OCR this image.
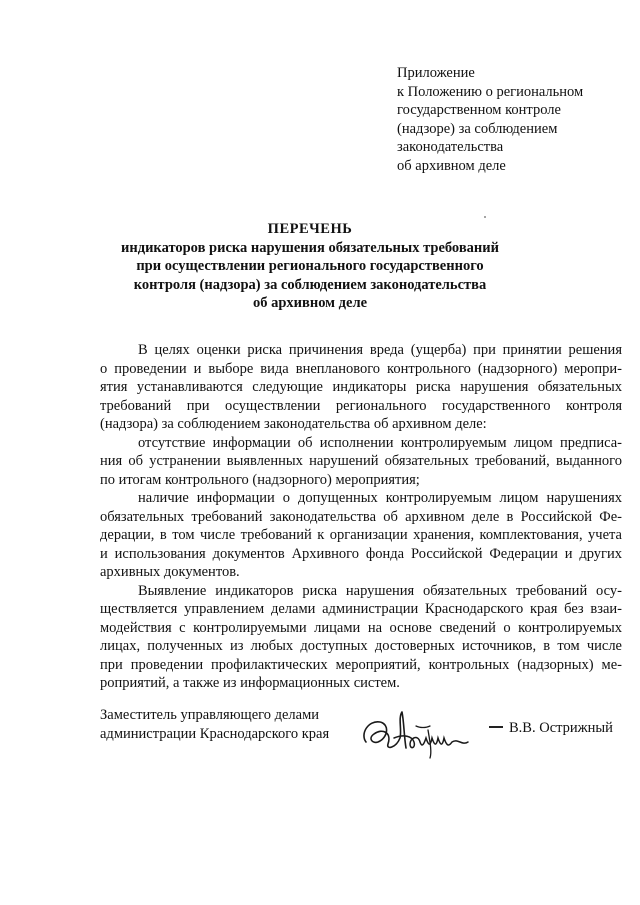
Приложение
к Положению о региональном
государственном контроле
(надзоре) за соблюдением
законодательства
об архивном деле
ПЕРЕЧЕНЬ
индикаторов риска нарушения обязательных требований
при осуществлении регионального государственного
контроля (надзора) за соблюдением законодательства
об архивном деле
В целях оценки риска причинения вреда (ущерба) при принятии решения
о проведении и выборе вида внепланового контрольного (надзорного) меропри-
ятия устанавливаются следующие индикаторы риска нарушения обязательных
требований при осуществлении регионального государственного контроля
(надзора) за соблюдением законодательства об архивном деле:
отсутствие информации об исполнении контролируемым лицом предписа-
ния об устранении выявленных нарушений обязательных требований, выданного
по итогам контрольного (надзорного) мероприятия;
наличие информации о допущенных контролируемым лицом нарушениях
обязательных требований законодательства об архивном деле в Российской Фе-
дерации, в том числе требований к организации хранения, комплектования, учета
и использования документов Архивного фонда Российской Федерации и других
архивных документов.
Выявление индикаторов риска нарушения обязательных требований осу-
ществляется управлением делами администрации Краснодарского края без взаи-
модействия с контролируемыми лицами на основе сведений о контролируемых
лицах, полученных из любых доступных достоверных источников, в том числе
при проведении профилактических мероприятий, контрольных (надзорных) ме-
роприятий, а также из информационных систем.
Заместитель управляющего делами
администрации Краснодарского края	В.В. Острижный
